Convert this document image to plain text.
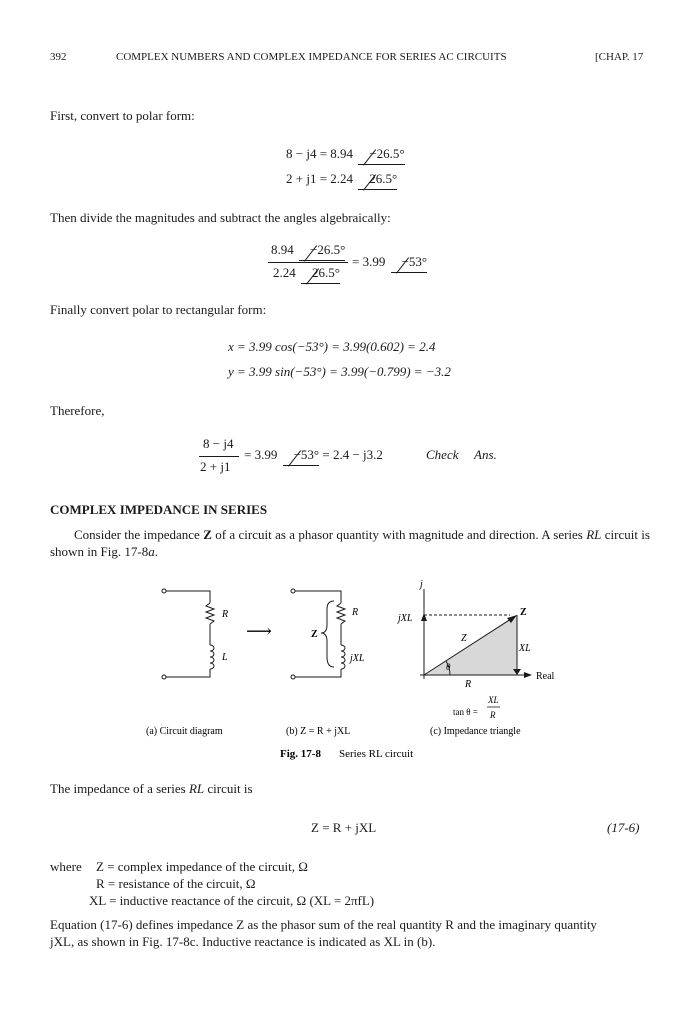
392	COMPLEX NUMBERS AND COMPLEX IMPEDANCE FOR SERIES AC CIRCUITS	[CHAP. 17
First, convert to polar form:
8 − j4 = 8.94 −26.5°
2 + j1 = 2.24 26.5°
Then divide the magnitudes and subtract the angles algebraically:
8.94 −26.5°
2.24 26.5°
= 3.99 −53°
Finally convert polar to rectangular form:
x = 3.99 cos(−53°) = 3.99(0.602) = 2.4
y = 3.99 sin(−53°) = 3.99(−0.799) = −3.2
Therefore,
8 − j4
2 + j1
= 3.99 −53° = 2.4 − j3.2	Check Ans.
COMPLEX IMPEDANCE IN SERIES
Consider the impedance Z of a circuit as a phasor quantity with magnitude and direction. A series RL circuit is shown in Fig. 17-8a.
R
L
⟶	Z
R
jXL
j
jXL
Z
Z
XL
Real
θ
R
tan θ =
XL
R
(a) Circuit diagram	(b) Z = R + jXL	(c) Impedance triangle
Fig. 17-8 Series RL circuit
The impedance of a series RL circuit is
Z = R + jXL	(17-6)
where Z = complex impedance of the circuit, Ω
R = resistance of the circuit, Ω
XL = inductive reactance of the circuit, Ω (XL = 2πfL)
Equation (17-6) defines impedance Z as the phasor sum of the real quantity R and the imaginary quantity
jXL, as shown in Fig. 17-8c. Inductive reactance is indicated as XL in (b).
